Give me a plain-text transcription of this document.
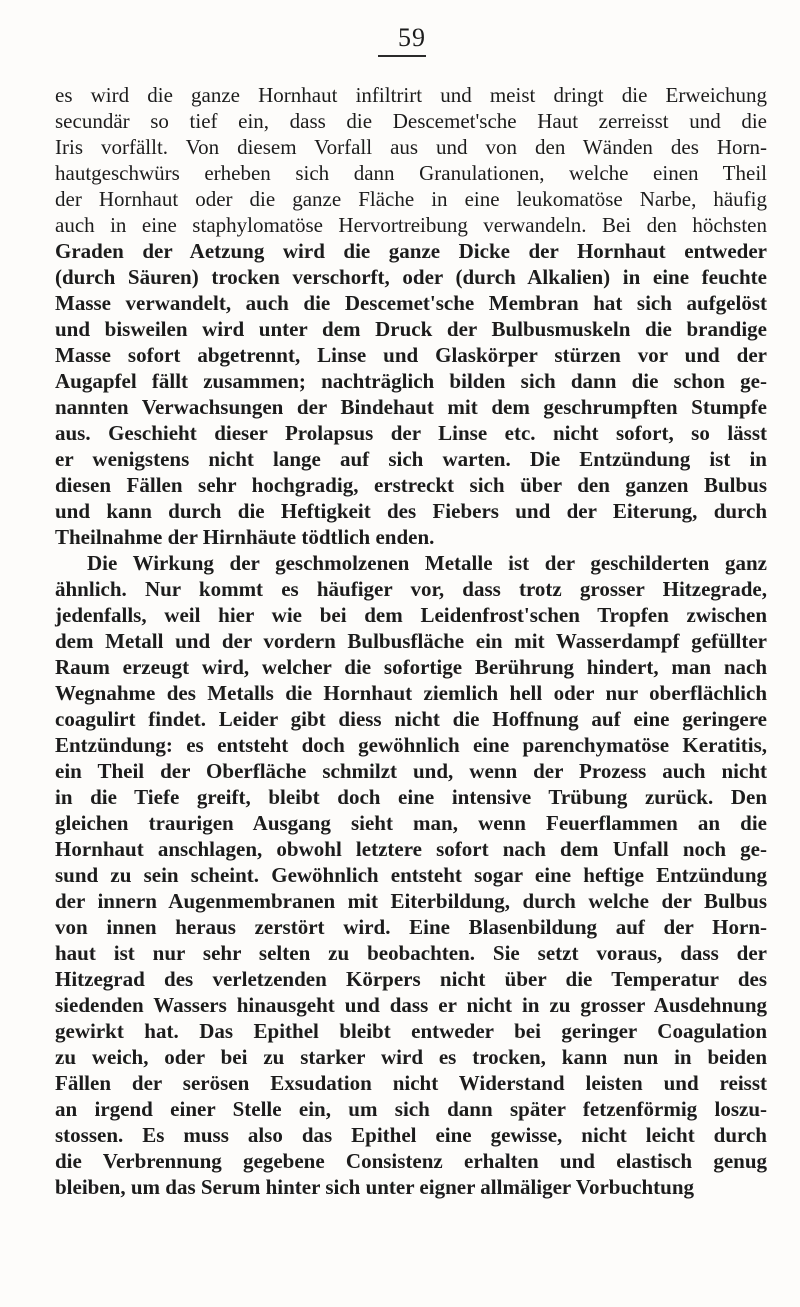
59
es wird die ganze Hornhaut infiltrirt und meist dringt die Erweichung
secundär so tief ein, dass die Descemet'sche Haut zerreisst und die
Iris vorfällt. Von diesem Vorfall aus und von den Wänden des Horn-
hautgeschwürs erheben sich dann Granulationen, welche einen Theil
der Hornhaut oder die ganze Fläche in eine leukomatöse Narbe, häufig
auch in eine staphylomatöse Hervortreibung verwandeln. Bei den höchsten
Graden der Aetzung wird die ganze Dicke der Hornhaut entweder
(durch Säuren) trocken verschorft, oder (durch Alkalien) in eine feuchte
Masse verwandelt, auch die Descemet'sche Membran hat sich aufgelöst
und bisweilen wird unter dem Druck der Bulbusmuskeln die brandige
Masse sofort abgetrennt, Linse und Glaskörper stürzen vor und der
Augapfel fällt zusammen; nachträglich bilden sich dann die schon ge-
nannten Verwachsungen der Bindehaut mit dem geschrumpften Stumpfe
aus. Geschieht dieser Prolapsus der Linse etc. nicht sofort, so lässt
er wenigstens nicht lange auf sich warten. Die Entzündung ist in
diesen Fällen sehr hochgradig, erstreckt sich über den ganzen Bulbus
und kann durch die Heftigkeit des Fiebers und der Eiterung, durch
Theilnahme der Hirnhäute tödtlich enden.
Die Wirkung der geschmolzenen Metalle ist der geschilderten ganz
ähnlich. Nur kommt es häufiger vor, dass trotz grosser Hitzegrade,
jedenfalls, weil hier wie bei dem Leidenfrost'schen Tropfen zwischen
dem Metall und der vordern Bulbusfläche ein mit Wasserdampf gefüllter
Raum erzeugt wird, welcher die sofortige Berührung hindert, man nach
Wegnahme des Metalls die Hornhaut ziemlich hell oder nur oberflächlich
coagulirt findet. Leider gibt diess nicht die Hoffnung auf eine geringere
Entzündung: es entsteht doch gewöhnlich eine parenchymatöse Keratitis,
ein Theil der Oberfläche schmilzt und, wenn der Prozess auch nicht
in die Tiefe greift, bleibt doch eine intensive Trübung zurück. Den
gleichen traurigen Ausgang sieht man, wenn Feuerflammen an die
Hornhaut anschlagen, obwohl letztere sofort nach dem Unfall noch ge-
sund zu sein scheint. Gewöhnlich entsteht sogar eine heftige Entzündung
der innern Augenmembranen mit Eiterbildung, durch welche der Bulbus
von innen heraus zerstört wird. Eine Blasenbildung auf der Horn-
haut ist nur sehr selten zu beobachten. Sie setzt voraus, dass der
Hitzegrad des verletzenden Körpers nicht über die Temperatur des
siedenden Wassers hinausgeht und dass er nicht in zu grosser Ausdehnung
gewirkt hat. Das Epithel bleibt entweder bei geringer Coagulation
zu weich, oder bei zu starker wird es trocken, kann nun in beiden
Fällen der serösen Exsudation nicht Widerstand leisten und reisst
an irgend einer Stelle ein, um sich dann später fetzenförmig loszu-
stossen. Es muss also das Epithel eine gewisse, nicht leicht durch
die Verbrennung gegebene Consistenz erhalten und elastisch genug
bleiben, um das Serum hinter sich unter eigner allmäliger Vorbuchtung
